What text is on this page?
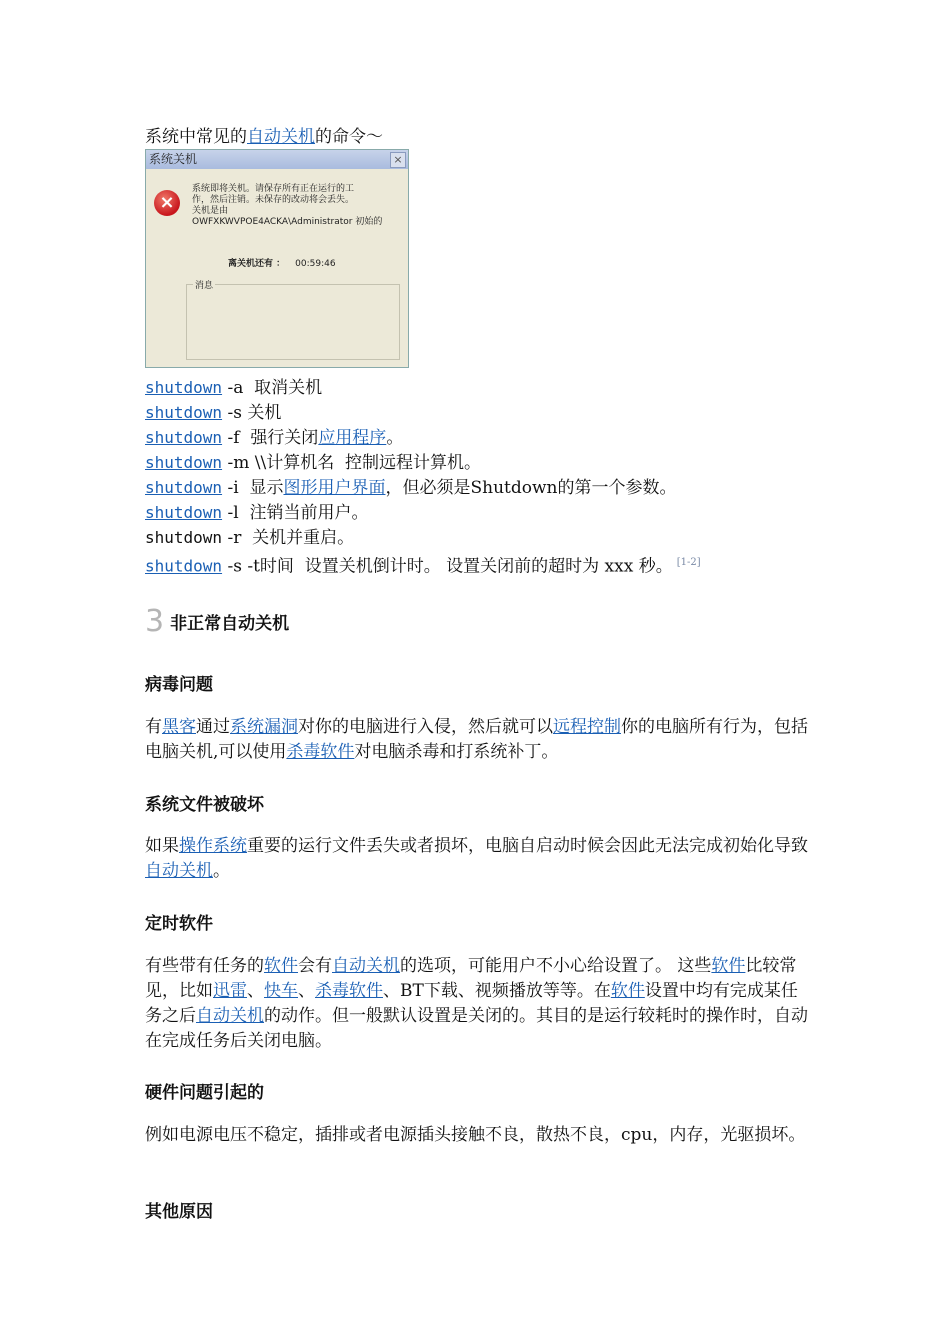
系统中常见的自动关机的命令～
系统关机	×
×
系统即将关机。请保存所有正在运行的工
作，然后注销。未保存的改动将会丢失。
关机是由
OWFXKWVPOE4ACKA\Administrator 初始的
离关机还有 ： 00:59:46
消息
shutdown -a  取消关机
shutdown -s 关机
shutdown -f  强行关闭应用程序。
shutdown -m \\计算机名  控制远程计算机。
shutdown -i  显示图形用户界面，但必须是Shutdown的第一个参数。
shutdown -l  注销当前用户。
shutdown -r  关机并重启。
shutdown -s -t时间  设置关机倒计时。 设置关闭前的超时为 xxx 秒。 [1-2]
3 非正常自动关机
病毒问题
有黑客通过系统漏洞对你的电脑进行入侵，然后就可以远程控制你的电脑所有行为，包括电脑关机,可以使用杀毒软件对电脑杀毒和打系统补丁。
系统文件被破坏
如果操作系统重要的运行文件丢失或者损坏，电脑自启动时候会因此无法完成初始化导致自动关机。
定时软件
有些带有任务的软件会有自动关机的选项，可能用户不小心给设置了。 这些软件比较常见，比如迅雷、快车、杀毒软件、BT下载、视频播放等等。在软件设置中均有完成某任务之后自动关机的动作。但一般默认设置是关闭的。其目的是运行较耗时的操作时，自动在完成任务后关闭电脑。
硬件问题引起的
例如电源电压不稳定，插排或者电源插头接触不良，散热不良，cpu，内存，光驱损坏。
其他原因
